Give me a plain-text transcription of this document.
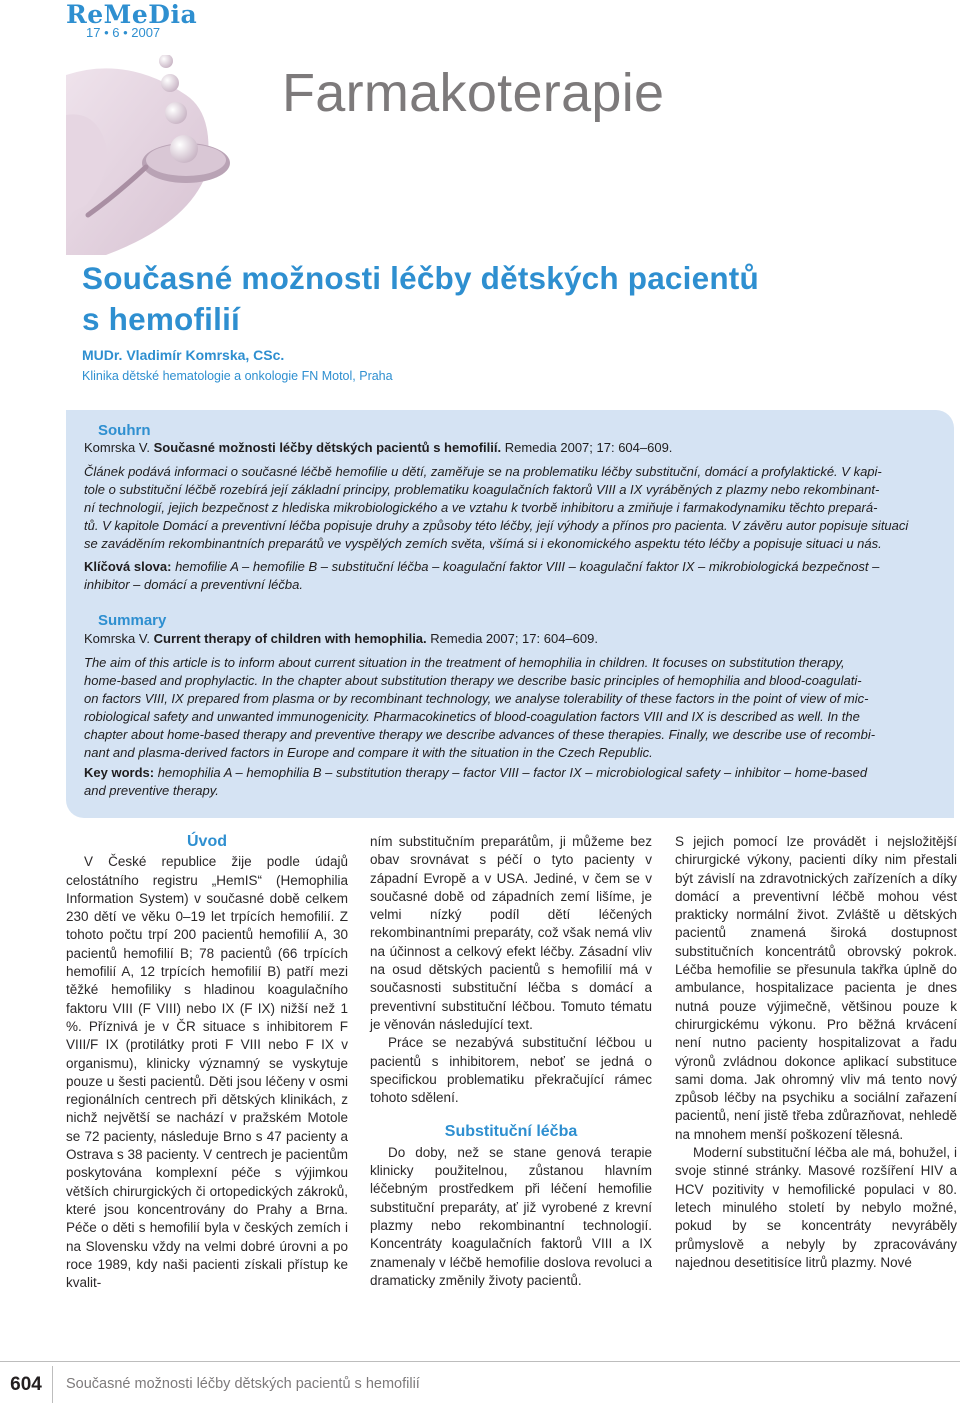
ReMeDia
17 • 6 • 2007
Farmakoterapie
Současné možnosti léčby dětských pacientů
s hemofilií
MUDr. Vladimír Komrska, CSc.
Klinika dětské hematologie a onkologie FN Motol, Praha
Souhrn
Komrska V. Současné možnosti léčby dětských pacientů s hemofilií. Remedia 2007; 17: 604–609.
Článek podává informaci o současné léčbě hemofilie u dětí, zaměřuje se na problematiku léčby substituční, domácí a profylaktické. V kapi-
tole o substituční léčbě rozebírá její základní principy, problematiku koagulačních faktorů VIII a IX vyráběných z plazmy nebo rekombinant-
ní technologií, jejich bezpečnost z hlediska mikrobiologického a ve vztahu k tvorbě inhibitoru a zmiňuje i farmakodynamiku těchto prepará-
tů. V kapitole Domácí a preventivní léčba popisuje druhy a způsoby této léčby, její výhody a přínos pro pacienta. V závěru autor popisuje situaci
se zaváděním rekombinantních preparátů ve vyspělých zemích světa, všímá si i ekonomického aspektu této léčby a popisuje situaci u nás.
Klíčová slova: hemofilie A – hemofilie B – substituční léčba – koagulační faktor VIII – koagulační faktor IX – mikrobiologická bezpečnost –
inhibitor – domácí a preventivní léčba.
Summary
Komrska V. Current therapy of children with hemophilia. Remedia 2007; 17: 604–609.
The aim of this article is to inform about current situation in the treatment of hemophilia in children. It focuses on substitution therapy,
home-based and prophylactic. In the chapter about substitution therapy we describe basic principles of hemophilia and blood-coagulati-
on factors VIII, IX prepared from plasma or by recombinant technology, we analyse tolerability of these factors in the point of view of mic-
robiological safety and unwanted immunogenicity. Pharmacokinetics of blood-coagulation factors VIII and IX is described as well. In the
chapter about home-based therapy and preventive therapy we describe advances of these therapies. Finally, we describe use of recombi-
nant and plasma-derived factors in Europe and compare it with the situation in the Czech Republic.
Key words: hemophilia A – hemophilia B – substitution therapy – factor VIII – factor IX – microbiological safety – inhibitor – home-based
and preventive therapy.
Úvod

V České republice žije podle údajů celostátního registru „HemIS“ (Hemophilia Information System) v současné době celkem 230 dětí ve věku 0–19 let trpících hemofilií. Z tohoto počtu trpí 200 pacientů hemofilií A, 30 pacientů hemofilií B; 78 pacientů (66 trpících hemofilií A, 12 trpících hemofilií B) patří mezi těžké hemofiliky s hladinou koagulačního faktoru VIII (F VIII) nebo IX (F IX) nižší než 1 %. Příznivá je v ČR situace s inhibitorem F VIII/F IX (protilátky proti F VIII nebo F IX v organismu), klinicky významný se vyskytuje pouze u šesti pacientů. Děti jsou léčeny v osmi regionálních centrech při dětských klinikách, z nichž největší se nachází v pražském Motole se 72 pacienty, následuje Brno s 47 pacienty a Ostrava s 38 pacienty. V centrech je pacientům poskytována komplexní péče s výjimkou větších chirurgických či ortopedických zákroků, které jsou koncentrovány do Prahy a Brna. Péče o děti s hemofilií byla v českých zemích i na Slovensku vždy na velmi dobré úrovni a po roce 1989, kdy naši pacienti získali přístup ke kvalit-

ním substitučním preparátům, ji můžeme bez obav srovnávat s péčí o tyto pacienty v západní Evropě a v USA. Jediné, v čem se v současné době od západních zemí lišíme, je velmi nízký podíl dětí léčených rekombinantními preparáty, což však nemá vliv na účinnost a celkový efekt léčby. Zásadní vliv na osud dětských pacientů s hemofilií má v současnosti substituční léčba s domácí a preventivní substituční léčbou. Tomuto tématu je věnován následující text.

Práce se nezabývá substituční léčbou u pacientů s inhibitorem, neboť se jedná o specifickou problematiku překračující rámec tohoto sdělení.

Substituční léčba

Do doby, než se stane genová terapie klinicky použitelnou, zůstanou hlavním léčebným prostředkem při léčení hemofilie substituční preparáty, ať již vyrobené z krevní plazmy nebo rekombinantní technologií. Koncentráty koagulačních faktorů VIII a IX znamenaly v léčbě hemofilie doslova revoluci a dramaticky změnily životy pacientů.

S jejich pomocí lze provádět i nejsložitější chirurgické výkony, pacienti díky nim přestali být závislí na zdravotnických zařízeních a díky domácí a preventivní léčbě mohou vést prakticky normální život. Zvláště u dětských pacientů znamená široká dostupnost substitučních koncentrátů obrovský pokrok. Léčba hemofilie se přesunula takřka úplně do ambulance, hospitalizace pacienta je dnes nutná pouze výjimečně, většinou pouze k chirurgickému výkonu. Pro běžná krvácení není nutno pacienty hospitalizovat a řadu výronů zvládnou dokonce aplikací substituce sami doma. Jak ohromný vliv má tento nový způsob léčby na psychiku a sociální zařazení pacientů, není jistě třeba zdůrazňovat, nehledě na mnohem menší poškození tělesná.

Moderní substituční léčba ale má, bohužel, i svoje stinné stránky. Masové rozšíření HIV a HCV pozitivity v hemofilické populaci v 80. letech minulého století by nebylo možné, pokud by se koncentráty nevyráběly průmyslově a nebyly by zpracovávány najednou desetitisíce litrů plazmy. Nové

604	Současné možnosti léčby dětských pacientů s hemofilií
